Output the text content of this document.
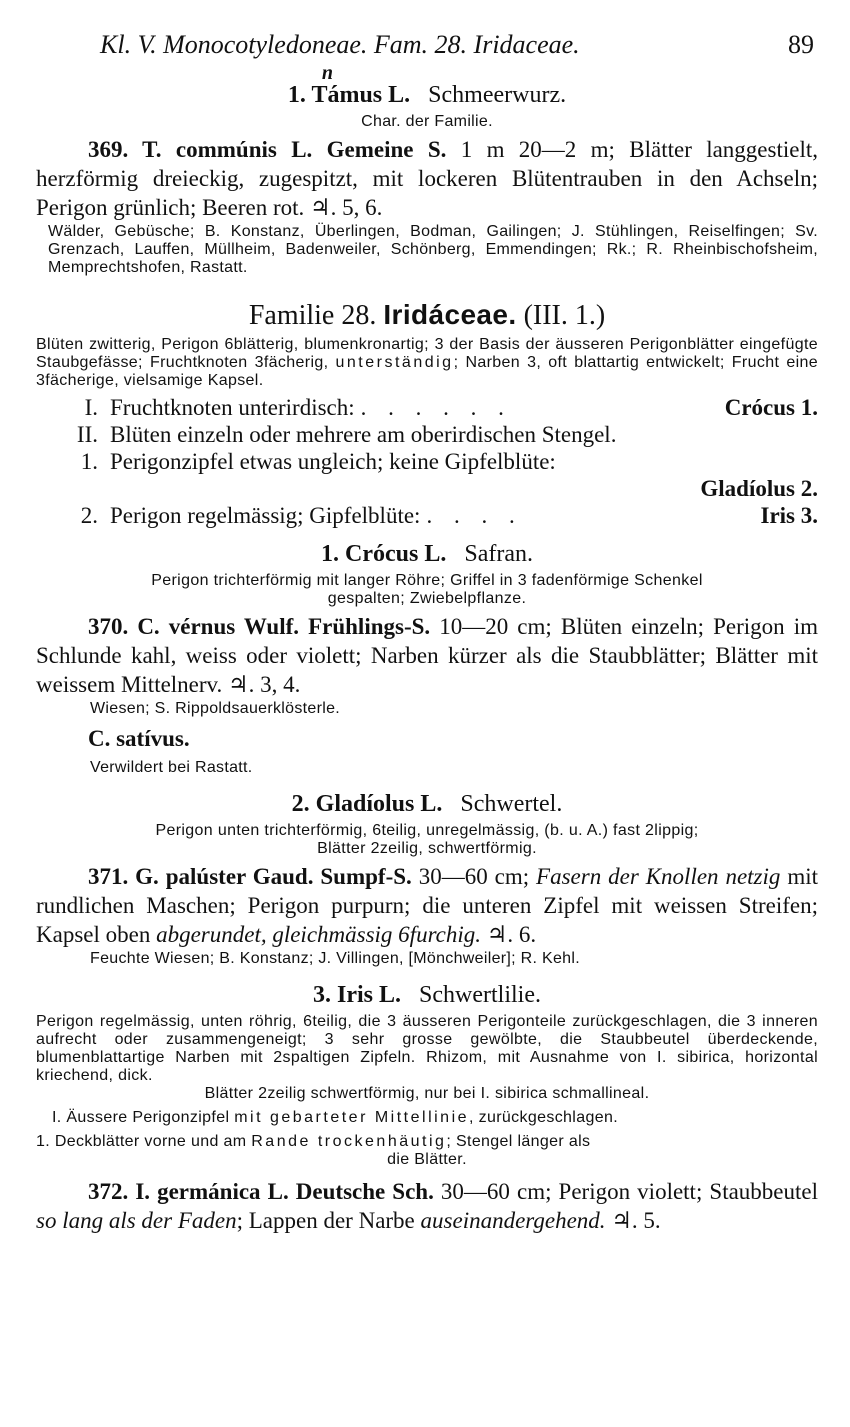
Kl. V. Monocotyledoneae. Fam. 28. Iridaceae.	89
1. Támus L.
n
Schmeerwurz.
Char. der Familie.
369. T. commúnis L. Gemeine S. 1 m 20—2 m; Blätter langgestielt, herzförmig dreieckig, zugespitzt, mit lockeren Blütentrauben in den Achseln; Perigon grünlich; Beeren rot. ♃. 5, 6.
Wälder, Gebüsche; B. Konstanz, Überlingen, Bodman, Gailingen; J. Stühlingen, Reiselfingen; Sv. Grenzach, Lauffen, Müllheim, Badenweiler, Schönberg, Emmendingen; Rk.; R. Rheinbischofsheim, Memprechtshofen, Rastatt.
Familie 28. Iridáceae. (III. 1.)
Blüten zwitterig, Perigon 6blätterig, blumenkronartig; 3 der Basis der äusseren Perigonblätter eingefügte Staubgefässe; Fruchtknoten 3fächerig, unterständig; Narben 3, oft blattartig entwickelt; Frucht eine 3fächerige, vielsamige Kapsel.
I. Fruchtknoten unterirdisch: . . . . . .	Crócus 1.
II. Blüten einzeln oder mehrere am oberirdischen Stengel.
1. Perigonzipfel etwas ungleich; keine Gipfelblüte:
Gladíolus 2.
2. Perigon regelmässig; Gipfelblüte: . . . .	Iris 3.
1. Crócus L. Safran.
Perigon trichterförmig mit langer Röhre; Griffel in 3 fadenförmige Schenkel
gespalten; Zwiebelpflanze.
370. C. vérnus Wulf. Frühlings-S. 10—20 cm; Blüten einzeln; Perigon im Schlunde kahl, weiss oder violett; Narben kürzer als die Staubblätter; Blätter mit weissem Mittelnerv. ♃. 3, 4.
Wiesen; S. Rippoldsauerklösterle.
C. satívus.
Verwildert bei Rastatt.
2. Gladíolus L. Schwertel.
Perigon unten trichterförmig, 6teilig, unregelmässig, (b. u. A.) fast 2lippig;
Blätter 2zeilig, schwertförmig.
371. G. palúster Gaud. Sumpf-S. 30—60 cm; Fasern der Knollen netzig mit rundlichen Maschen; Perigon purpurn; die unteren Zipfel mit weissen Streifen; Kapsel oben abgerundet, gleichmässig 6furchig. ♃. 6.
Feuchte Wiesen; B. Konstanz; J. Villingen, [Mönchweiler]; R. Kehl.
3. Iris L. Schwertlilie.
Perigon regelmässig, unten röhrig, 6teilig, die 3 äusseren Perigonteile zurückgeschlagen, die 3 inneren aufrecht oder zusammengeneigt; 3 sehr grosse gewölbte, die Staubbeutel überdeckende, blumenblattartige Narben mit 2spaltigen Zipfeln. Rhizom, mit Ausnahme von I. sibirica, horizontal kriechend, dick.
Blätter 2zeilig schwertförmig, nur bei I. sibirica schmallineal.
I. Äussere Perigonzipfel mit gebarteter Mittellinie, zurückgeschlagen.
1. Deckblätter vorne und am Rande trockenhäutig; Stengel länger als
die Blätter.
372. I. germánica L. Deutsche Sch. 30—60 cm; Perigon violett; Staubbeutel so lang als der Faden; Lappen der Narbe auseinandergehend. ♃. 5.
